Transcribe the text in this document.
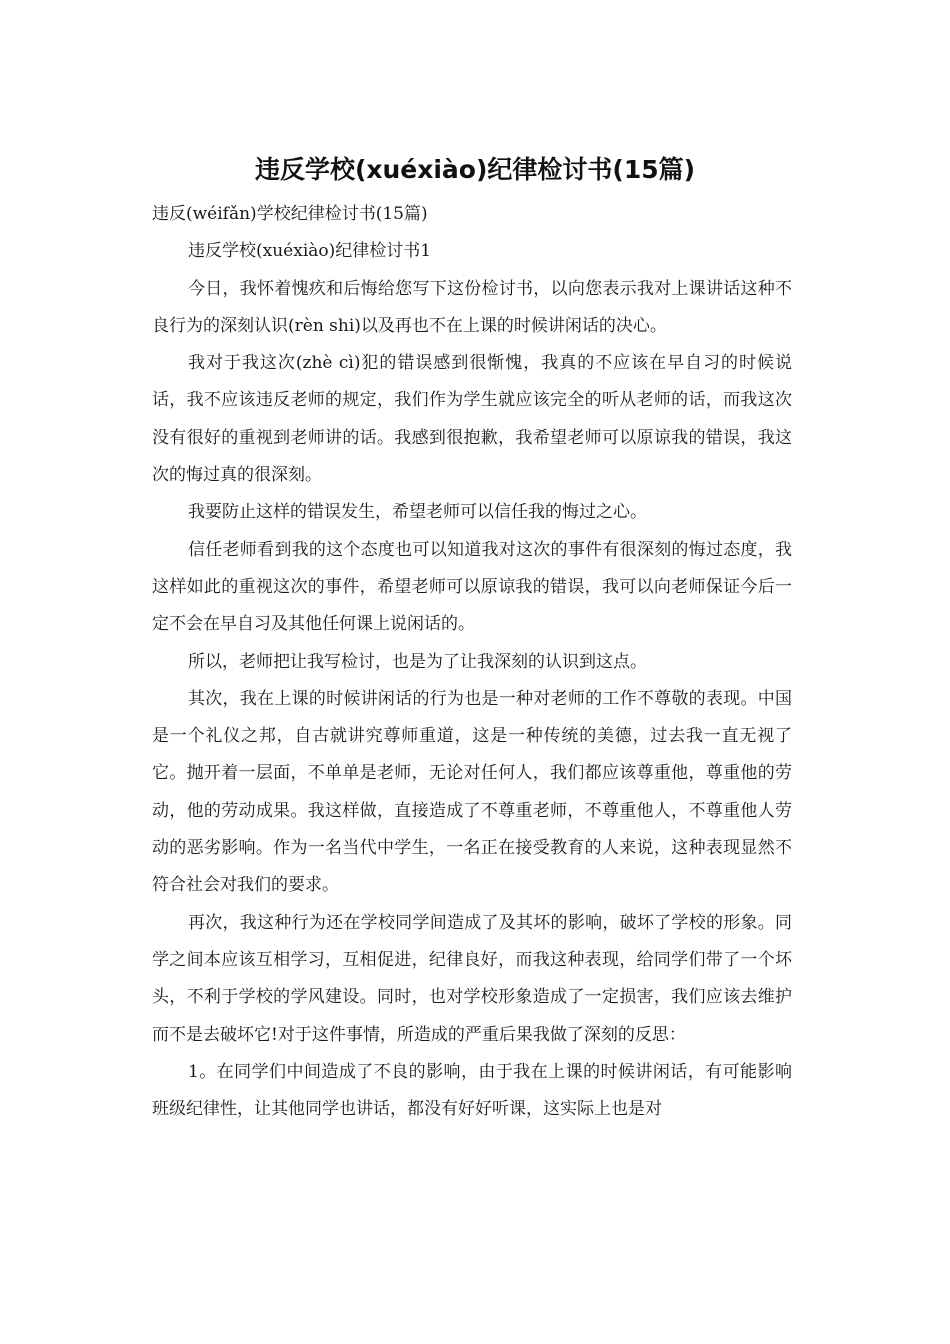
违反学校(xuéxiào)纪律检讨书(15篇)

违反(wéifǎn)学校纪律检讨书(15篇)

违反学校(xuéxiào)纪律检讨书1

今日，我怀着愧疚和后悔给您写下这份检讨书，以向您表示我对上课讲话这种不良行为的深刻认识(rèn shi)以及再也不在上课的时候讲闲话的决心。

我对于我这次(zhè cì)犯的错误感到很惭愧，我真的不应该在早自习的时候说话，我不应该违反老师的规定，我们作为学生就应该完全的听从老师的话，而我这次没有很好的重视到老师讲的话。我感到很抱歉，我希望老师可以原谅我的错误，我这次的悔过真的很深刻。

我要防止这样的错误发生，希望老师可以信任我的悔过之心。

信任老师看到我的这个态度也可以知道我对这次的事件有很深刻的悔过态度，我这样如此的重视这次的事件，希望老师可以原谅我的错误，我可以向老师保证今后一定不会在早自习及其他任何课上说闲话的。

所以，老师把让我写检讨，也是为了让我深刻的认识到这点。

其次，我在上课的时候讲闲话的行为也是一种对老师的工作不尊敬的表现。中国是一个礼仪之邦，自古就讲究尊师重道，这是一种传统的美德，过去我一直无视了它。抛开着一层面，不单单是老师，无论对任何人，我们都应该尊重他，尊重他的劳动，他的劳动成果。我这样做，直接造成了不尊重老师，不尊重他人，不尊重他人劳动的恶劣影响。作为一名当代中学生，一名正在接受教育的人来说，这种表现显然不符合社会对我们的要求。

再次，我这种行为还在学校同学间造成了及其坏的影响，破坏了学校的形象。同学之间本应该互相学习，互相促进，纪律良好，而我这种表现，给同学们带了一个坏头，不利于学校的学风建设。同时，也对学校形象造成了一定损害，我们应该去维护而不是去破坏它!对于这件事情，所造成的严重后果我做了深刻的反思：

1。在同学们中间造成了不良的影响，由于我在上课的时候讲闲话，有可能影响班级纪律性，让其他同学也讲话，都没有好好听课，这实际上也是对
